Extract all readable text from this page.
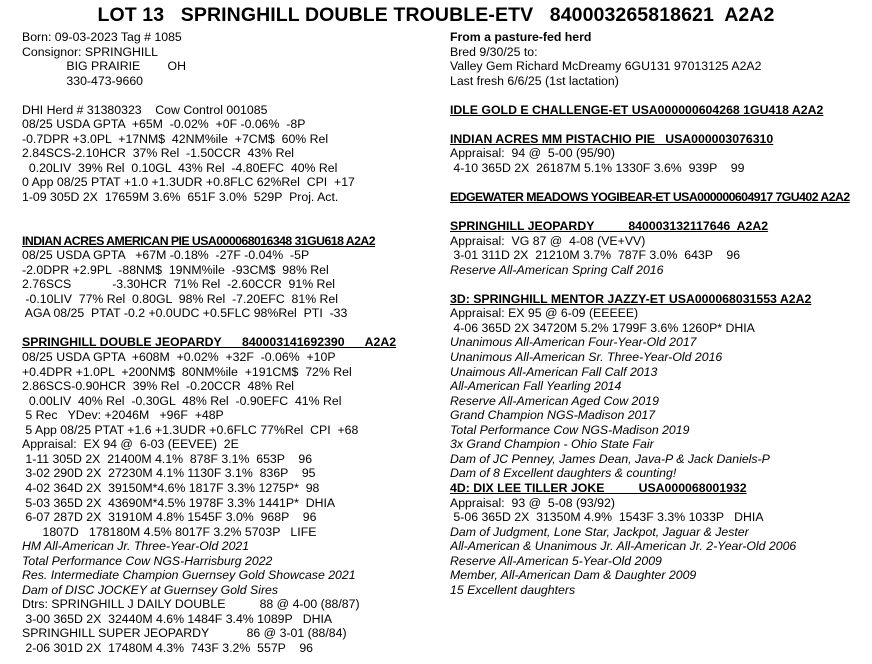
LOT 13   SPRINGHILL DOUBLE TROUBLE-ETV   840003265818621  A2A2
Born: 09-03-2023 Tag # 1085
Consignor: SPRINGHILL
BIG PRAIRIE        OH
330-473-9660
DHI Herd # 31380323    Cow Control 001085
08/25 USDA GPTA  +65M  -0.02%  +0F -0.06%  -8P
-0.7DPR +3.0PL  +17NM$  42NM%ile  +7CM$  60% Rel
2.84SCS-2.10HCR  37% Rel  -1.50CCR  43% Rel
0.20LIV  39% Rel  0.10GL  43% Rel  -4.80EFC  40% Rel
0 App 08/25 PTAT +1.0 +1.3UDR +0.8FLC 62%Rel  CPI  +17
1-09 305D 2X  17659M 3.6%  651F 3.0%  529P  Proj. Act.
INDIAN ACRES AMERICAN PIE USA000068016348 31GU618 A2A2
08/25 USDA GPTA   +67M -0.18%  -27F -0.04%  -5P
-2.0DPR +2.9PL  -88NM$  19NM%ile  -93CM$  98% Rel
2.76SCS            -3.30HCR  71% Rel  -2.60CCR  91% Rel
-0.10LIV  77% Rel  0.80GL  98% Rel  -7.20EFC  81% Rel
AGA 08/25  PTAT -0.2 +0.0UDC +0.5FLC 98%Rel  PTI  -33
SPRINGHILL DOUBLE JEOPARDY      840003141692390      A2A2
08/25 USDA GPTA  +608M  +0.02%  +32F  -0.06%  +10P
+0.4DPR +1.0PL  +200NM$  80NM%ile  +191CM$  72% Rel
2.86SCS-0.90HCR  39% Rel  -0.20CCR  48% Rel
0.00LIV  40% Rel  -0.30GL  48% Rel  -0.90EFC  41% Rel
5 Rec   YDev: +2046M   +96F  +48P
5 App 08/25 PTAT +1.6 +1.3UDR +0.6FLC 77%Rel  CPI  +68
Appraisal:  EX 94 @  6-03 (EEVEE)  2E
1-11 305D 2X  21400M 4.1%  878F 3.1%  653P    96
3-02 290D 2X  27230M 4.1% 1130F 3.1%  836P    95
4-02 364D 2X  39150M*4.6% 1817F 3.3% 1275P*  98
5-03 365D 2X  43690M*4.5% 1978F 3.3% 1441P*  DHIA
6-07 287D 2X  31910M 4.8% 1545F 3.0%  968P    96
1807D   178180M 4.5% 8017F 3.2% 5703P   LIFE
HM All-American Jr. Three-Year-Old 2021
Total Performance Cow NGS-Harrisburg 2022
Res. Intermediate Champion Guernsey Gold Showcase 2021
Dam of DISC JOCKEY at Guernsey Gold Sires
Dtrs: SPRINGHILL J DAILY DOUBLE          88 @ 4-00 (88/87)
3-00 365D 2X  32440M 4.6% 1484F 3.4% 1089P   DHIA
SPRINGHILL SUPER JEOPARDY           86 @ 3-01 (88/84)
2-06 301D 2X  17480M 4.3%  743F 3.2%  557P    96
From a pasture-fed herd
Bred 9/30/25 to:
Valley Gem Richard McDreamy 6GU131 97013125 A2A2
Last fresh 6/6/25 (1st lactation)
IDLE GOLD E CHALLENGE-ET USA000000604268 1GU418 A2A2
INDIAN ACRES MM PISTACHIO PIE   USA000003076310
Appraisal:  94 @  5-00 (95/90)
4-10 365D 2X  26187M 5.1% 1330F 3.6%  939P    99
EDGEWATER MEADOWS YOGIBEAR-ET USA000000604917 7GU402 A2A2
SPRINGHILL JEOPARDY          840003132117646  A2A2
Appraisal:  VG 87 @  4-08 (VE+VV)
3-01 311D 2X  21210M 3.7%  787F 3.0%  643P    96
Reserve All-American Spring Calf 2016
3D: SPRINGHILL MENTOR JAZZY-ET USA000068031553 A2A2
Appraisal: EX 95 @ 6-09 (EEEEE)
4-06 365D 2X 34720M 5.2% 1799F 3.6% 1260P* DHIA
Unanimous All-American Four-Year-Old 2017
Unanimous All-American Sr. Three-Year-Old 2016
Unaimous All-American Fall Calf 2013
All-American Fall Yearling 2014
Reserve All-American Aged Cow 2019
Grand Champion NGS-Madison 2017
Total Performance Cow NGS-Madison 2019
3x Grand Champion - Ohio State Fair
Dam of JC Penney, James Dean, Java-P & Jack Daniels-P
Dam of 8 Excellent daughters & counting!
4D: DIX LEE TILLER JOKE          USA000068001932
Appraisal:  93 @  5-08 (93/92)
5-06 365D 2X  31350M 4.9%  1543F 3.3% 1033P   DHIA
Dam of Judgment, Lone Star, Jackpot, Jaguar & Jester
All-American & Unanimous Jr. All-American Jr. 2-Year-Old 2006
Reserve All-American 5-Year-Old 2009
Member, All-American Dam & Daughter 2009
15 Excellent daughters
